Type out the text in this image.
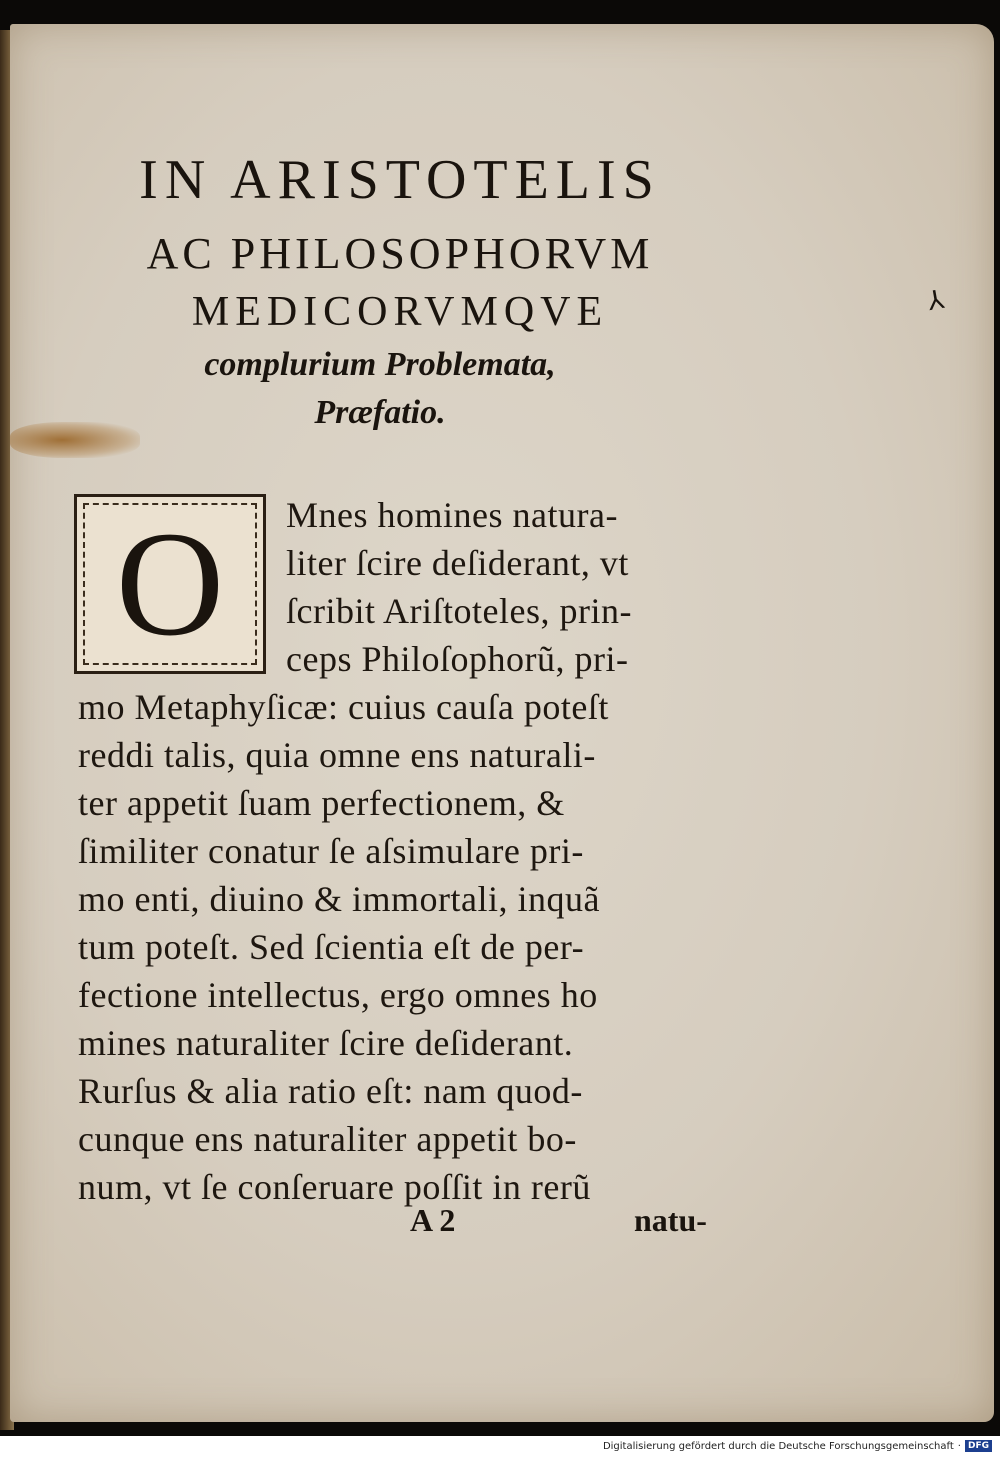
⅄
IN ARISTOTELIS
AC PHILOSOPHORVM
MEDICORVMQVE
complurium Problemata,
Præfatio.
O	Mnes homines natura-
liter ſcire deſiderant, vt
ſcribit Ariſtoteles, prin-
ceps Philoſophorũ, pri-
mo Metaphyſicæ: cuius cauſa poteſt
reddi talis, quia omne ens naturali-
ter appetit ſuam perfectionem, &
ſimiliter conatur ſe aſsimulare pri-
mo enti, diuino & immortali, inquã
tum poteſt. Sed ſcientia eſt de per-
fectione intellectus, ergo omnes ho
mines naturaliter ſcire deſiderant.
Rurſus & alia ratio eſt: nam quod-
cunque ens naturaliter appetit bo-
num, vt ſe conſeruare poſſit in rerũ
A 2	natu-
Digitalisierung gefördert durch die Deutsche Forschungsgemeinschaft · DFG
